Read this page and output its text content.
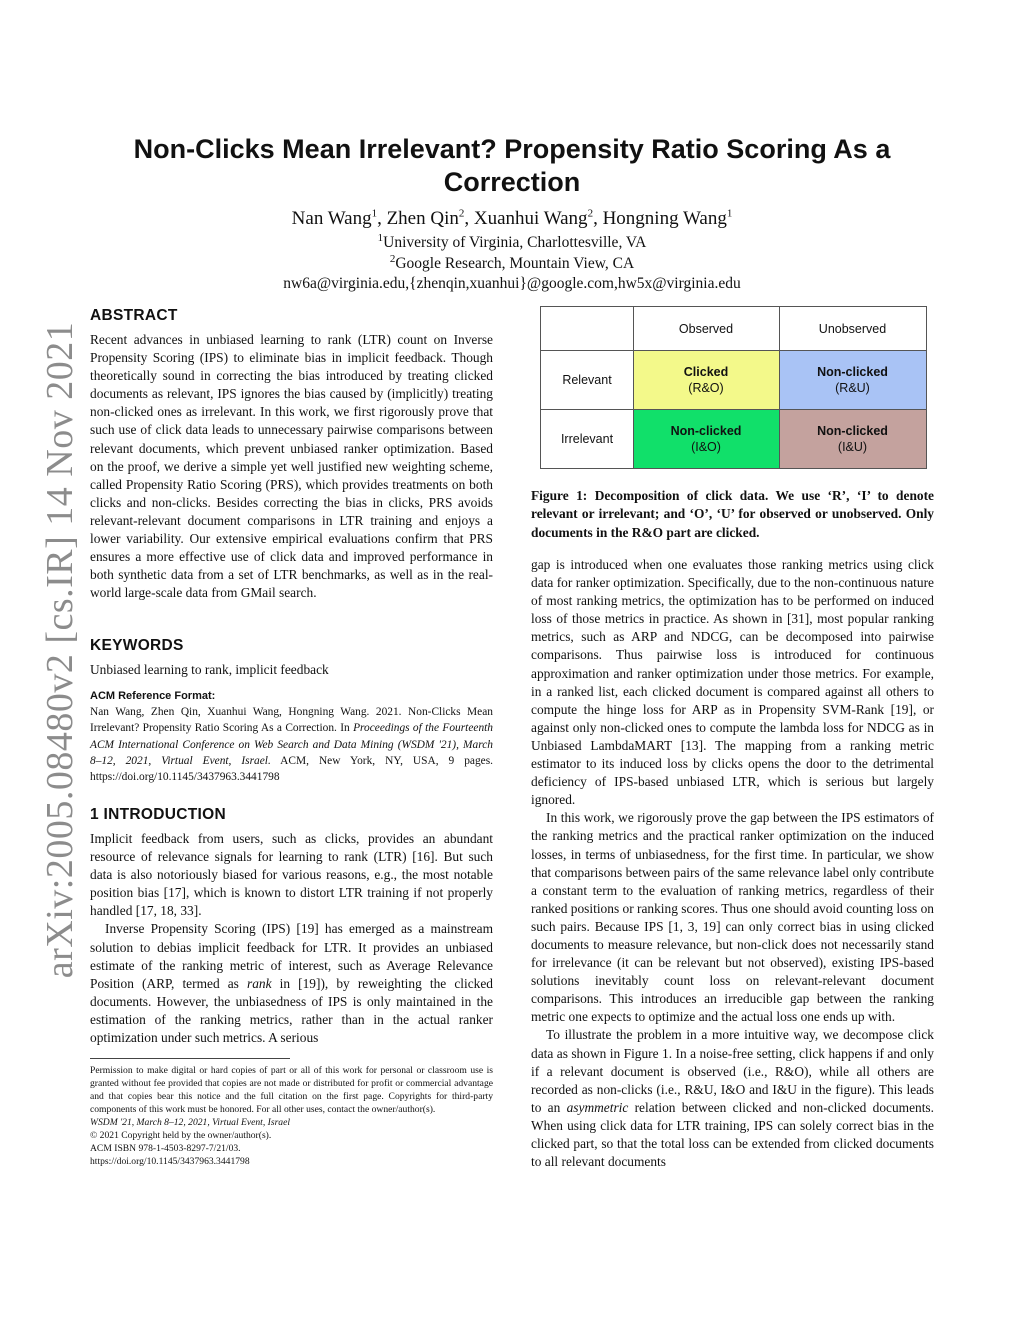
arXiv:2005.08480v2 [cs.IR] 14 Nov 2021
Non-Clicks Mean Irrelevant? Propensity Ratio Scoring As a Correction
Nan Wang$^1$, Zhen Qin$^2$, Xuanhui Wang$^2$, Hongning Wang$^1$
$^1$University of Virginia, Charlottesville, VA
$^2$Google Research, Mountain View, CA
nw6a@virginia.edu,{zhenqin,xuanhui}@google.com,hw5x@virginia.edu
ABSTRACT

Recent advances in unbiased learning to rank (LTR) count on Inverse Propensity Scoring (IPS) to eliminate bias in implicit feedback. Though theoretically sound in correcting the bias introduced by treating clicked documents as relevant, IPS ignores the bias caused by (implicitly) treating non-clicked ones as irrelevant. In this work, we first rigorously prove that such use of click data leads to unnecessary pairwise comparisons between relevant documents, which prevent unbiased ranker optimization. Based on the proof, we derive a simple yet well justified new weighting scheme, called Propensity Ratio Scoring (PRS), which provides treatments on both clicks and non-clicks. Besides correcting the bias in clicks, PRS avoids relevant-relevant document comparisons in LTR training and enjoys a lower variability. Our extensive empirical evaluations confirm that PRS ensures a more effective use of click data and improved performance in both synthetic data from a set of LTR benchmarks, as well as in the real-world large-scale data from GMail search.

KEYWORDS

Unbiased learning to rank, implicit feedback

ACM Reference Format:

Nan Wang, Zhen Qin, Xuanhui Wang, Hongning Wang. 2021. Non-Clicks Mean Irrelevant? Propensity Ratio Scoring As a Correction. In Proceedings of the Fourteenth ACM International Conference on Web Search and Data Mining (WSDM '21), March 8–12, 2021, Virtual Event, Israel. ACM, New York, NY, USA, 9 pages. https://doi.org/10.1145/3437963.3441798

1 INTRODUCTION

Implicit feedback from users, such as clicks, provides an abundant resource of relevance signals for learning to rank (LTR) [16]. But such data is also notoriously biased for various reasons, e.g., the most notable position bias [17], which is known to distort LTR training if not properly handled [17, 18, 33].

Inverse Propensity Scoring (IPS) [19] has emerged as a mainstream solution to debias implicit feedback for LTR. It provides an unbiased estimate of the ranking metric of interest, such as Average Relevance Position (ARP, termed as rank in [19]), by reweighting the clicked documents. However, the unbiasedness of IPS is only maintained in the estimation of the ranking metrics, rather than in the actual ranker optimization under such metrics. A serious

Permission to make digital or hard copies of part or all of this work for personal or classroom use is granted without fee provided that copies are not made or distributed for profit or commercial advantage and that copies bear this notice and the full citation on the first page. Copyrights for third-party components of this work must be honored. For all other uses, contact the owner/author(s).
WSDM '21, March 8–12, 2021, Virtual Event, Israel
© 2021 Copyright held by the owner/author(s).
ACM ISBN 978-1-4503-8297-7/21/03.
https://doi.org/10.1145/3437963.3441798
Observed	Unobserved
Relevant
Irrelevant
Clicked
(R&O)
Non-clicked
(R&U)
Non-clicked
(I&O)
Non-clicked
(I&U)
Figure 1: Decomposition of click data. We use ‘R’, ‘I’ to denote relevant or irrelevant; and ‘O’, ‘U’ for observed or unobserved. Only documents in the R&O part are clicked.

gap is introduced when one evaluates those ranking metrics using click data for ranker optimization. Specifically, due to the non-continuous nature of most ranking metrics, the optimization has to be performed on induced loss of those metrics in practice. As shown in [31], most popular ranking metrics, such as ARP and NDCG, can be decomposed into pairwise comparisons. Thus pairwise loss is introduced for continuous approximation and ranker optimization under those metrics. For example, in a ranked list, each clicked document is compared against all others to compute the hinge loss for ARP as in Propensity SVM-Rank [19], or against only non-clicked ones to compute the lambda loss for NDCG as in Unbiased LambdaMART [13]. The mapping from a ranking metric estimator to its induced loss by clicks opens the door to the detrimental deficiency of IPS-based unbiased LTR, which is serious but largely ignored.

In this work, we rigorously prove the gap between the IPS estimators of the ranking metrics and the practical ranker optimization on the induced losses, in terms of unbiasedness, for the first time. In particular, we show that comparisons between pairs of the same relevance label only contribute a constant term to the evaluation of ranking metrics, regardless of their ranked positions or ranking scores. Thus one should avoid counting loss on such pairs. Because IPS [1, 3, 19] can only correct bias in using clicked documents to measure relevance, but non-click does not necessarily stand for irrelevance (it can be relevant but not observed), existing IPS-based solutions inevitably count loss on relevant-relevant document comparisons. This introduces an irreducible gap between the ranking metric one expects to optimize and the actual loss one ends up with.

To illustrate the problem in a more intuitive way, we decompose click data as shown in Figure 1. In a noise-free setting, click happens if and only if a relevant document is observed (i.e., R&O), while all others are recorded as non-clicks (i.e., R&U, I&O and I&U in the figure). This leads to an asymmetric relation between clicked and non-clicked documents. When using click data for LTR training, IPS can solely correct bias in the clicked part, so that the total loss can be extended from clicked documents to all relevant documents
